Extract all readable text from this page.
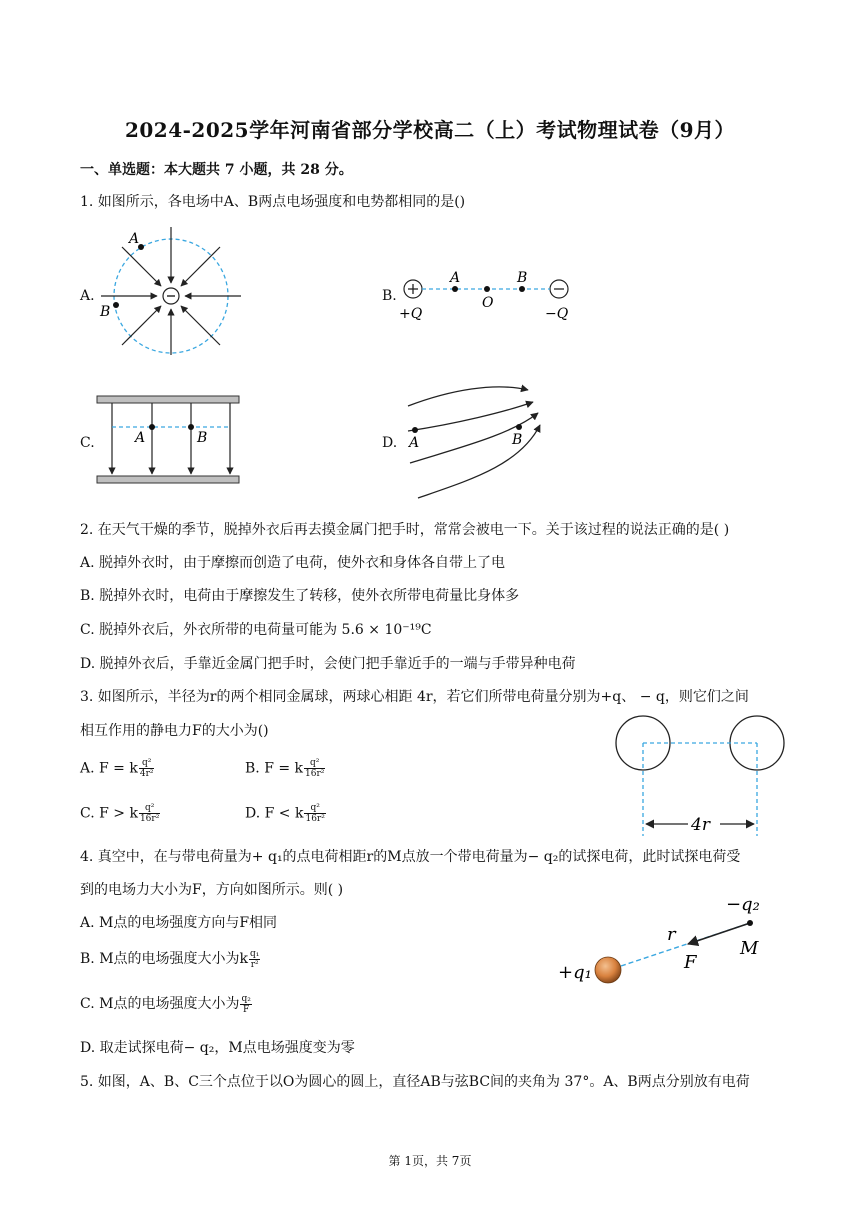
2024-2025学年河南省部分学校高二（上）考试物理试卷（9月）
一、单选题：本大题共 7 小题，共 28 分。
1. 如图所示，各电场中A、B两点电场强度和电势都相同的是()
A.
A
B
B.
A
O
B
+Q	−Q
C.	A	B	D. A	B
2. 在天气干燥的季节，脱掉外衣后再去摸金属门把手时，常常会被电一下。关于该过程的说法正确的是( )
A. 脱掉外衣时，由于摩擦而创造了电荷，使外衣和身体各自带上了电
B. 脱掉外衣时，电荷由于摩擦发生了转移，使外衣所带电荷量比身体多
C. 脱掉外衣后，外衣所带的电荷量可能为 5.6 × 10⁻¹⁹C
D. 脱掉外衣后，手靠近金属门把手时，会使门把手靠近手的一端与手带异种电荷
3. 如图所示，半径为r的两个相同金属球，两球心相距 4r，若它们所带电荷量分别为+q、 − q，则它们之间
相互作用的静电力F的大小为()
A. F = k $\frac{\text{q²}}{\text{4r²}}$	B. F = k $\frac{\text{q²}}{\text{16r²}}$
C. F > k $\frac{\text{q²}}{\text{16r²}}$	D. F < k $\frac{\text{q²}}{\text{16r²}}$
4r
4. 真空中，在与带电荷量为+ q₁的点电荷相距r的M点放一个带电荷量为− q₂的试探电荷，此时试探电荷受
到的电场力大小为F，方向如图所示。则( )
A. M点的电场强度方向与F相同
B. M点的电场强度大小为k $\frac{\text{q₁}}{\text{r²}}$
C. M点的电场强度大小为 $\frac{\text{q₂}}{F}$
D. 取走试探电荷− q₂，M点电场强度变为零
−q₂
r
M
F
+q₁
5. 如图，A、B、C三个点位于以O为圆心的圆上，直径AB与弦BC间的夹角为 37°。A、B两点分别放有电荷
第 1页，共 7页
